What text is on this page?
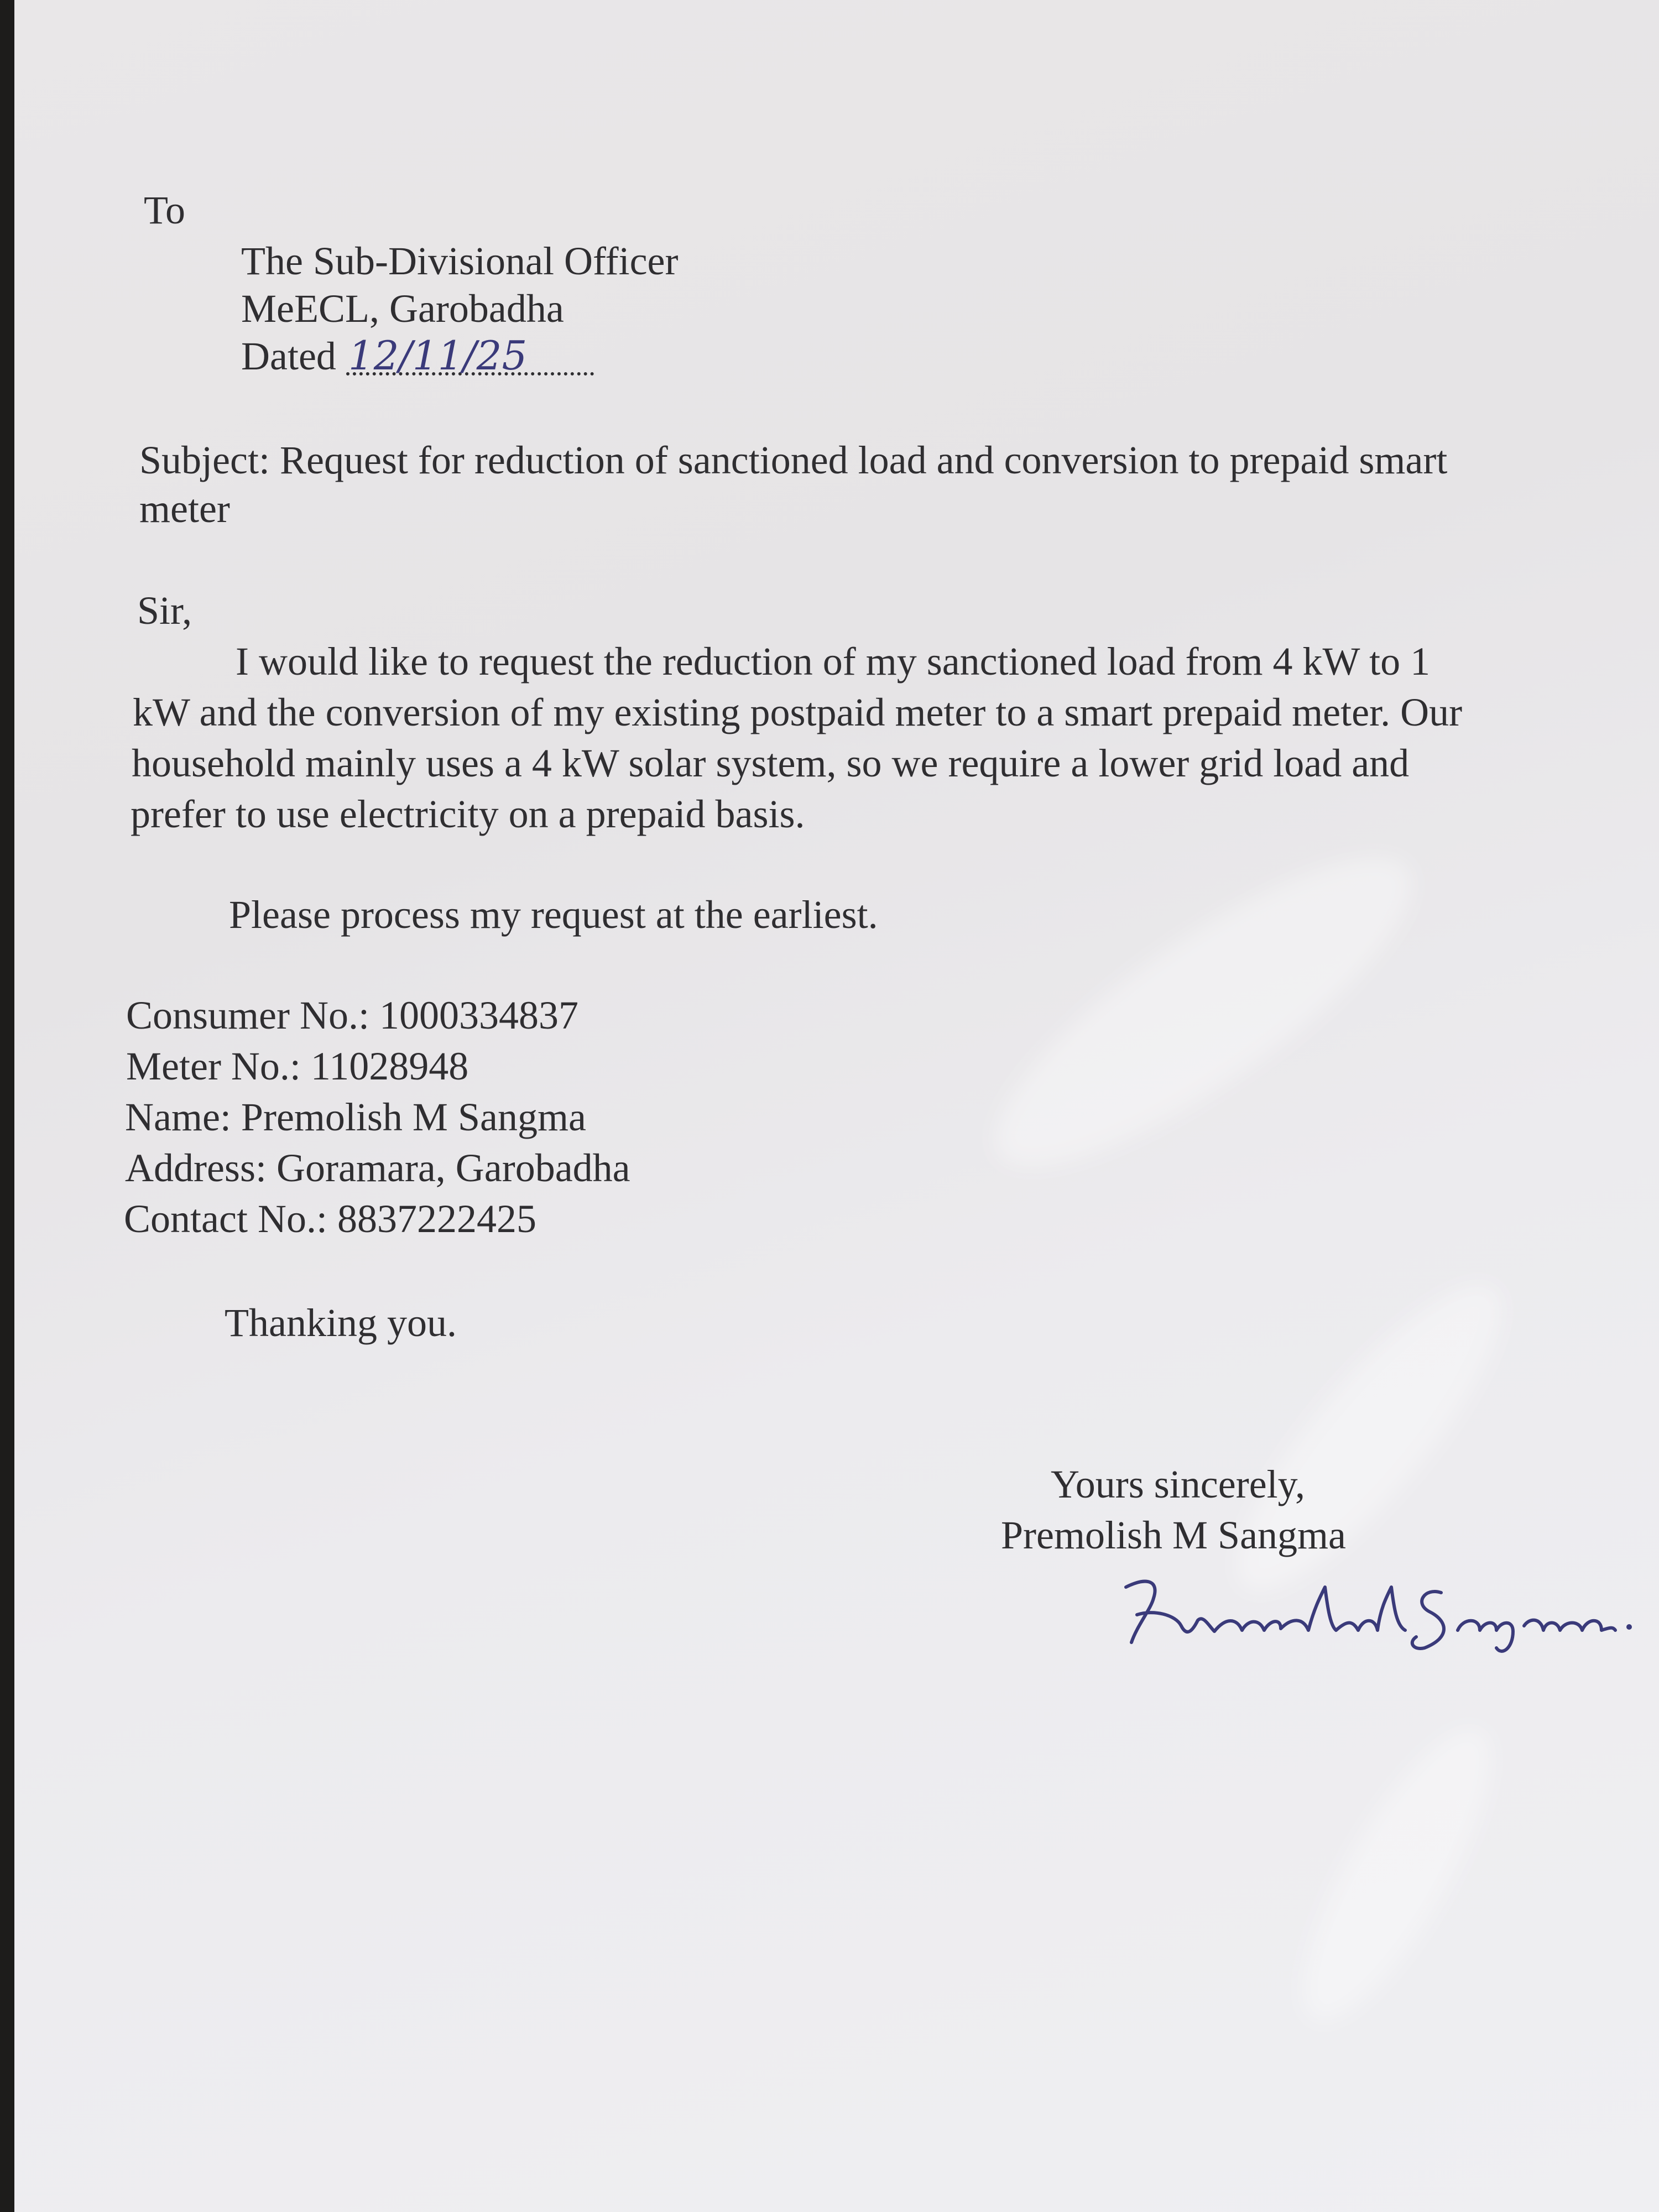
To
The Sub-Divisional Officer
MeECL, Garobadha
Dated 12/11/25
Subject: Request for reduction of sanctioned load and conversion to prepaid smart
meter
Sir,
I would like to request the reduction of my sanctioned load from 4 kW to 1
kW and the conversion of my existing postpaid meter to a smart prepaid meter. Our
household mainly uses a 4 kW solar system, so we require a lower grid load and
prefer to use electricity on a prepaid basis.
Please process my request at the earliest.
Consumer No.: 1000334837
Meter No.: 11028948
Name: Premolish M Sangma
Address: Goramara, Garobadha
Contact No.: 8837222425
Thanking you.
Yours sincerely,
Premolish M Sangma
